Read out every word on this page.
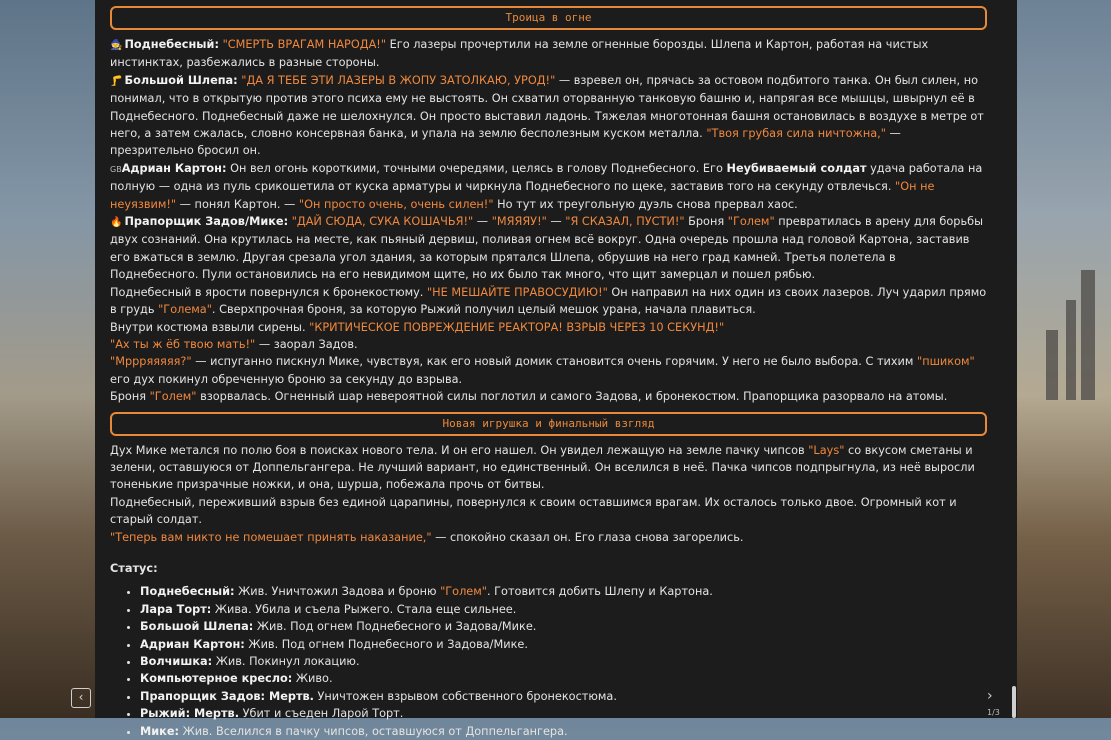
Троица в огне

🧙 Поднебесный: "СМЕРТЬ ВРАГАМ НАРОДА!" Его лазеры прочертили на земле огненные борозды. Шлепа и Картон, работая на чистых инстинктах, разбежались в разные стороны.

🦵 Большой Шлепа: "ДА Я ТЕБЕ ЭТИ ЛАЗЕРЫ В ЖОПУ ЗАТОЛКАЮ, УРОД!" — взревел он, прячась за остовом подбитого танка. Он был силен, но понимал, что в открытую против этого психа ему не выстоять. Он схватил оторванную танковую башню и, напрягая все мышцы, швырнул её в Поднебесного. Поднебесный даже не шелохнулся. Он просто выставил ладонь. Тяжелая многотонная башня остановилась в воздухе в метре от него, а затем сжалась, словно консервная банка, и упала на землю бесполезным куском металла. "Твоя грубая сила ничтожна," — презрительно бросил он.

GBАдриан Картон: Он вел огонь короткими, точными очередями, целясь в голову Поднебесного. Его Неубиваемый солдат удача работала на полную — одна из пуль срикошетила от куска арматуры и чиркнула Поднебесного по щеке, заставив того на секунду отвлечься. "Он не неуязвим!" — понял Картон. — "Он просто очень, очень силен!" Но тут их треугольную дуэль снова прервал хаос.

🔥 Прапорщик Задов/Мике: "ДАЙ СЮДА, СУКА КОШАЧЬЯ!" — "МЯЯЯУ!" — "Я СКАЗАЛ, ПУСТИ!" Броня "Голем" превратилась в арену для борьбы двух сознаний. Она крутилась на месте, как пьяный дервиш, поливая огнем всё вокруг. Одна очередь прошла над головой Картона, заставив его вжаться в землю. Другая срезала угол здания, за которым прятался Шлепа, обрушив на него град камней. Третья полетела в Поднебесного. Пули остановились на его невидимом щите, но их было так много, что щит замерцал и пошел рябью.

Поднебесный в ярости повернулся к бронекостюму. "НЕ МЕШАЙТЕ ПРАВОСУДИЮ!" Он направил на них один из своих лазеров. Луч ударил прямо в грудь "Голема". Сверхпрочная броня, за которую Рыжий получил целый мешок урана, начала плавиться.

Внутри костюма взвыли сирены. "КРИТИЧЕСКОЕ ПОВРЕЖДЕНИЕ РЕАКТОРА! ВЗРЫВ ЧЕРЕЗ 10 СЕКУНД!"

"Ах ты ж ёб твою мать!" — заорал Задов.

"Мррряяяяя?" — испуганно пискнул Мике, чувствуя, как его новый домик становится очень горячим. У него не было выбора. С тихим "пшиком" его дух покинул обреченную броню за секунду до взрыва.

Броня "Голем" взорвалась. Огненный шар невероятной силы поглотил и самого Задова, и бронекостюм. Прапорщика разорвало на атомы.

Новая игрушка и финальный взгляд

Дух Мике метался по полю боя в поисках нового тела. И он его нашел. Он увидел лежащую на земле пачку чипсов "Lays" со вкусом сметаны и зелени, оставшуюся от Доппельгангера. Не лучший вариант, но единственный. Он вселился в неё. Пачка чипсов подпрыгнула, из неё выросли тоненькие призрачные ножки, и она, шурша, побежала прочь от битвы.

Поднебесный, переживший взрыв без единой царапины, повернулся к своим оставшимся врагам. Их осталось только двое. Огромный кот и старый солдат.

"Теперь вам никто не помешает принять наказание," — спокойно сказал он. Его глаза снова загорелись.

Статус:

• Поднебесный: Жив. Уничтожил Задова и броню "Голем". Готовится добить Шлепу и Картона.
• Лара Торт: Жива. Убила и съела Рыжего. Стала еще сильнее.
• Большой Шлепа: Жив. Под огнем Поднебесного и Задова/Мике.
• Адриан Картон: Жив. Под огнем Поднебесного и Задова/Мике.
• Волчишка: Жив. Покинул локацию.
• Компьютерное кресло: Живо.
• Прапорщик Задов: Мертв. Уничтожен взрывом собственного бронекостюма.
• Рыжий: Мертв. Убит и съеден Ларой Торт.
• Мике: Жив. Вселился в пачку чипсов, оставшуюся от Доппельгангера.
‹	›
1/3
